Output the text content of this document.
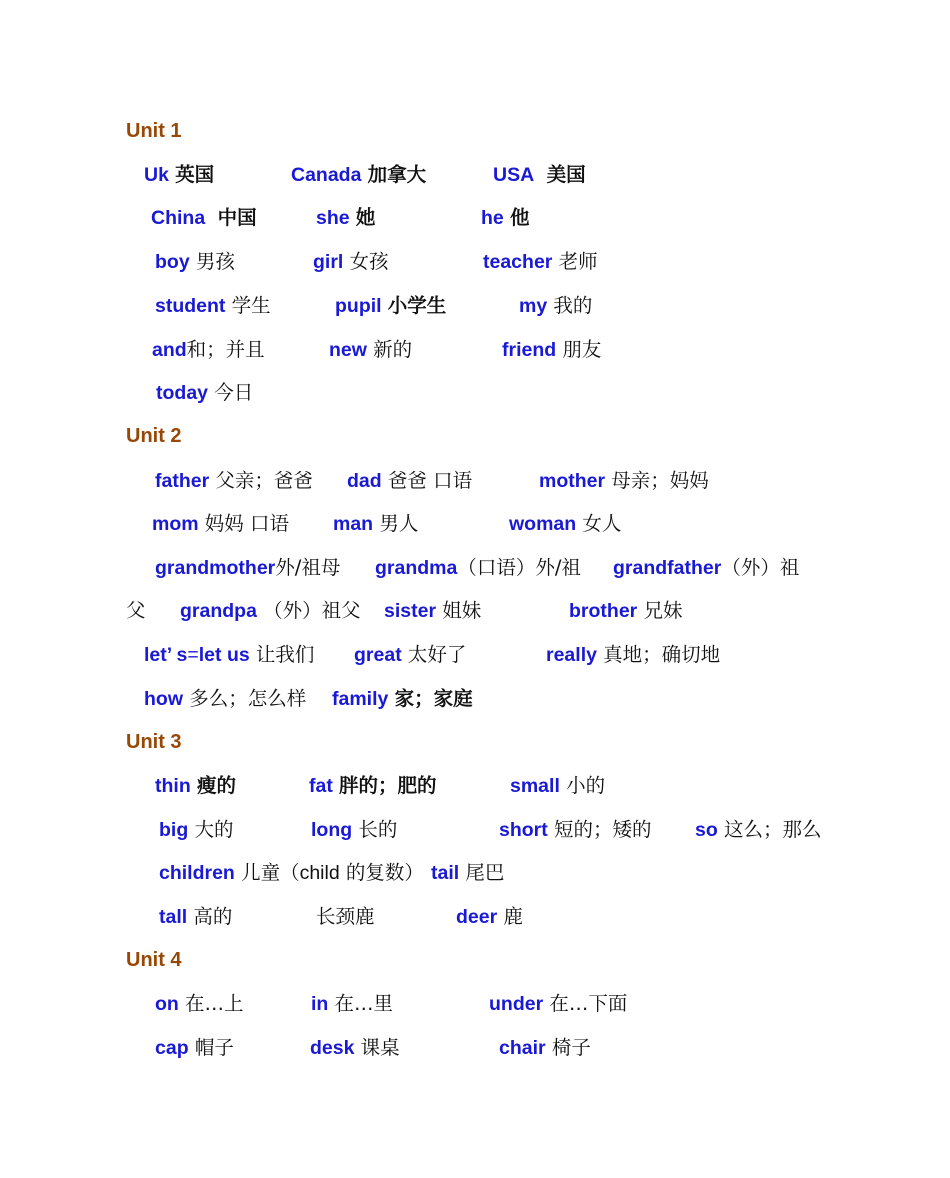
Unit 1
Uk 英国	Canada 加拿大	USA 美国
China 中国	she 她	he 他
boy 男孩	girl 女孩	teacher 老师
student 学生	pupil 小学生	my 我的
and和；并且	new 新的	friend 朋友
today 今日
Unit 2
father 父亲；爸爸 dad 爸爸 口语	mother 母亲；妈妈
mom 妈妈 口语 man 男人	woman 女人
grandmother外/祖母 grandma（口语）外/祖 grandfather（外）祖
父 grandpa （外）祖父 sister 姐妹	brother 兄妹
let’ s=let us 让我们 great 太好了	really 真地；确切地
how 多么；怎么样 family 家；家庭
Unit 3
thin 瘦的	fat 胖的；肥的	small 小的
big 大的	long 长的	short 短的；矮的 so 这么；那么
children 儿童（child 的复数） tail 尾巴
tall 高的	长颈鹿	deer 鹿
Unit 4
on 在…上	in 在…里	under 在…下面
cap 帽子	desk 课桌	chair 椅子
